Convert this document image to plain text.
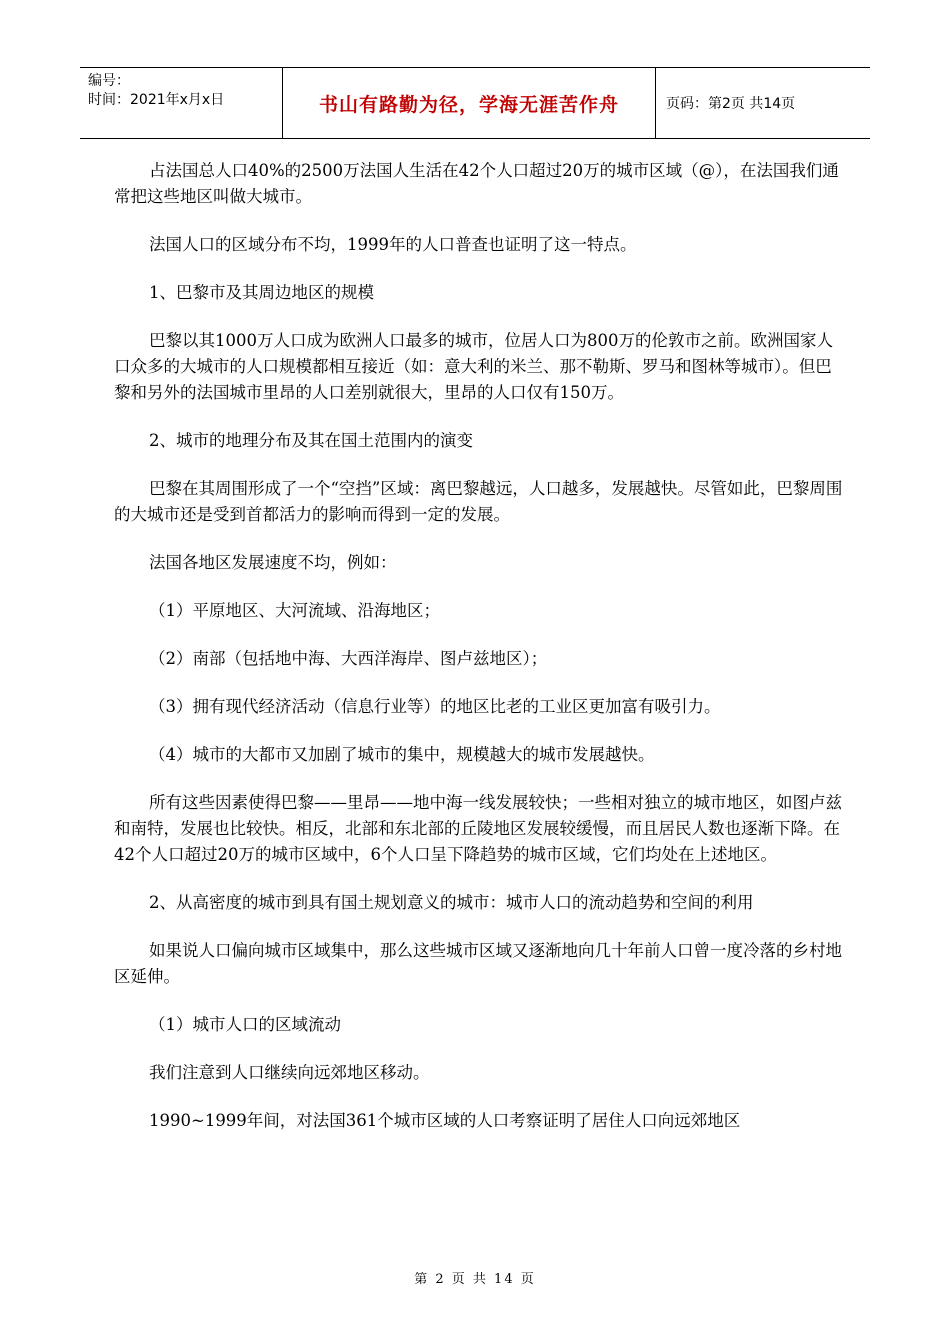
编号：
时间：2021年x月x日	书山有路勤为径，学海无涯苦作舟	页码：第2页 共14页

占法国总人口40%的2500万法国人生活在42个人口超过20万的城市区域（@），在法国我们通常把这些地区叫做大城市。

法国人口的区域分布不均，1999年的人口普查也证明了这一特点。

1、巴黎市及其周边地区的规模

巴黎以其1000万人口成为欧洲人口最多的城市，位居人口为800万的伦敦市之前。欧洲国家人口众多的大城市的人口规模都相互接近（如：意大利的米兰、那不勒斯、罗马和图林等城市）。但巴黎和另外的法国城市里昂的人口差别就很大，里昂的人口仅有150万。

2、城市的地理分布及其在国土范围内的演变

巴黎在其周围形成了一个“空挡”区域：离巴黎越远，人口越多，发展越快。尽管如此，巴黎周围的大城市还是受到首都活力的影响而得到一定的发展。

法国各地区发展速度不均，例如：

（1）平原地区、大河流域、沿海地区；

（2）南部（包括地中海、大西洋海岸、图卢兹地区）；

（3）拥有现代经济活动（信息行业等）的地区比老的工业区更加富有吸引力。

（4）城市的大都市又加剧了城市的集中，规模越大的城市发展越快。

所有这些因素使得巴黎——里昂——地中海一线发展较快；一些相对独立的城市地区，如图卢兹和南特，发展也比较快。相反，北部和东北部的丘陵地区发展较缓慢，而且居民人数也逐渐下降。在42个人口超过20万的城市区域中，6个人口呈下降趋势的城市区域，它们均处在上述地区。

2、从高密度的城市到具有国土规划意义的城市：城市人口的流动趋势和空间的利用

如果说人口偏向城市区域集中，那么这些城市区域又逐渐地向几十年前人口曾一度冷落的乡村地区延伸。

（1）城市人口的区域流动

我们注意到人口继续向远郊地区移动。

1990~1999年间，对法国361个城市区域的人口考察证明了居住人口向远郊地区

第 2 页 共 14 页
